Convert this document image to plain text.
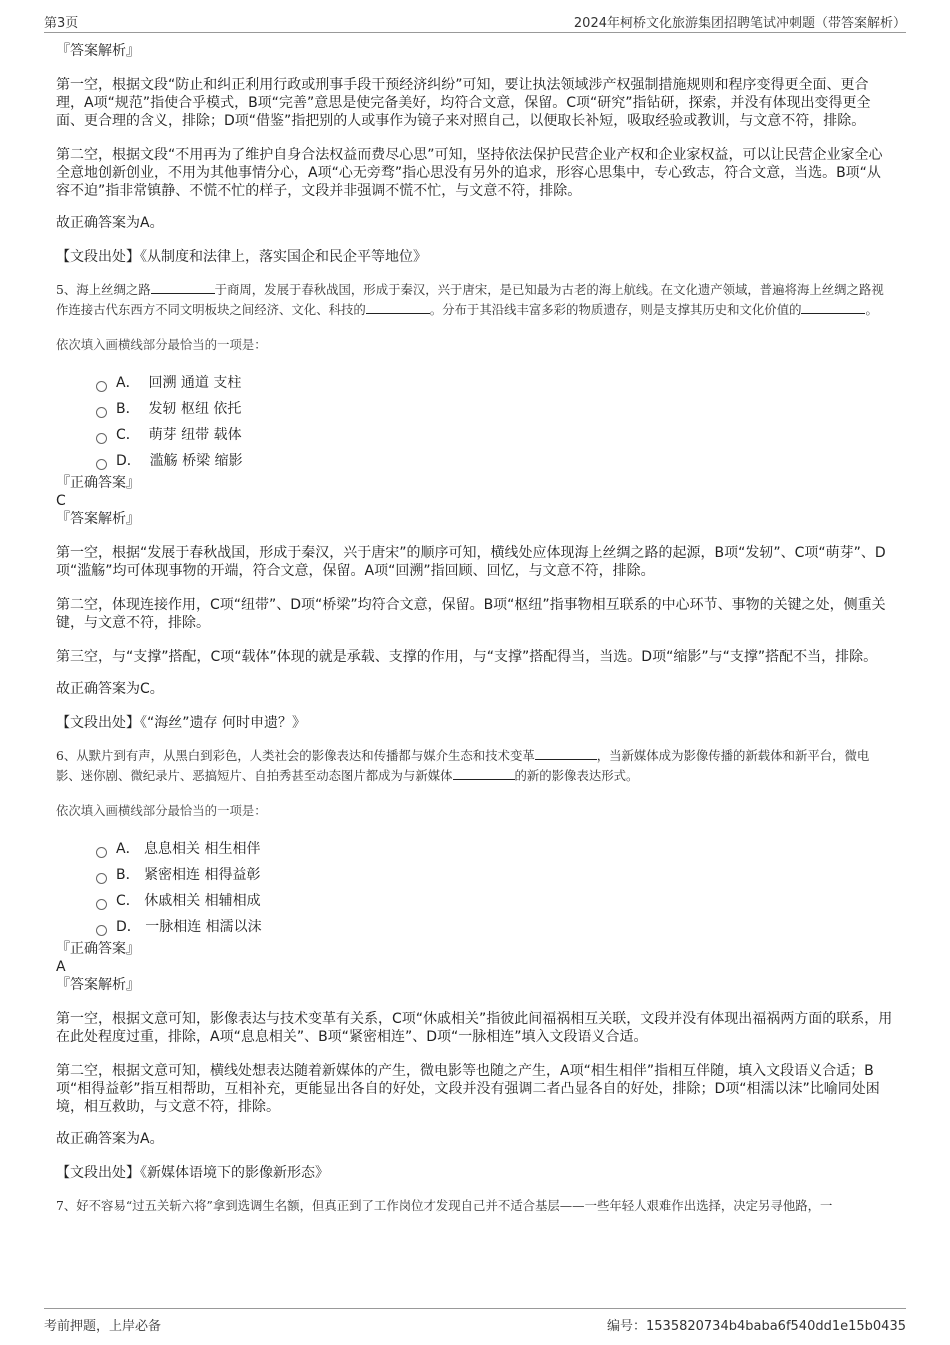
第3页	2024年柯桥文化旅游集团招聘笔试冲刺题（带答案解析）
『答案解析』

第一空，根据文段“防止和纠正利用行政或刑事手段干预经济纠纷”可知，要让执法领域涉产权强制措施规则和程序变得更全面、更合理，A项“规范”指使合乎模式，B项“完善”意思是使完备美好，均符合文意，保留。C项“研究”指钻研，探索，并没有体现出变得更全面、更合理的含义，排除；D项“借鉴”指把别的人或事作为镜子来对照自己，以便取长补短，吸取经验或教训，与文意不符，排除。

第二空，根据文段“不用再为了维护自身合法权益而费尽心思”可知，坚持依法保护民营企业产权和企业家权益，可以让民营企业家全心全意地创新创业，不用为其他事情分心，A项“心无旁骛”指心思没有另外的追求，形容心思集中，专心致志，符合文意，当选。B项“从容不迫”指非常镇静、不慌不忙的样子，文段并非强调不慌不忙，与文意不符，排除。

故正确答案为A。
【文段出处】《从制度和法律上，落实国企和民企平等地位》
5、海上丝绸之路	于商周，发展于春秋战国，形成于秦汉，兴于唐宋，是已知最为古老的海上航线。在文化遗产领域，普遍将海上丝绸之路视作连接古代东西方不同文明板块之间经济、文化、科技的	。分布于其沿线丰富多彩的物质遗存，则是支撑其历史和文化价值的	。
依次填入画横线部分最恰当的一项是：
A．
回溯 通道 支柱
B．
发轫 枢纽 依托
C．
萌芽 纽带 载体
D．
滥觞 桥梁 缩影
『正确答案』
C
『答案解析』

第一空，根据“发展于春秋战国，形成于秦汉，兴于唐宋”的顺序可知，横线处应体现海上丝绸之路的起源，B项“发轫”、C项“萌芽”、D项“滥觞”均可体现事物的开端，符合文意，保留。A项“回溯”指回顾、回忆，与文意不符，排除。

第二空，体现连接作用，C项“纽带”、D项“桥梁”均符合文意，保留。B项“枢纽”指事物相互联系的中心环节、事物的关键之处，侧重关键，与文意不符，排除。

第三空，与“支撑”搭配，C项“载体”体现的就是承载、支撑的作用，与“支撑”搭配得当，当选。D项“缩影”与“支撑”搭配不当，排除。

故正确答案为C。
【文段出处】《“海丝”遗存 何时申遗？》
6、从默片到有声，从黑白到彩色，人类社会的影像表达和传播都与媒介生态和技术变革	，当新媒体成为影像传播的新载体和新平台，微电影、迷你剧、微纪录片、恶搞短片、自拍秀甚至动态图片都成为与新媒体	的新的影像表达形式。
依次填入画横线部分最恰当的一项是：
A．
息息相关 相生相伴
B．
紧密相连 相得益彰
C．
休戚相关 相辅相成
D．
一脉相连 相濡以沫
『正确答案』
A
『答案解析』

第一空，根据文意可知，影像表达与技术变革有关系，C项“休戚相关”指彼此间福祸相互关联，文段并没有体现出福祸两方面的联系，用在此处程度过重，排除，A项“息息相关”、B项“紧密相连”、D项“一脉相连”填入文段语义合适。

第二空，根据文意可知，横线处想表达随着新媒体的产生，微电影等也随之产生，A项“相生相伴”指相互伴随，填入文段语义合适；B项“相得益彰”指互相帮助，互相补充，更能显出各自的好处，文段并没有强调二者凸显各自的好处，排除；D项“相濡以沫”比喻同处困境，相互救助，与文意不符，排除。

故正确答案为A。
【文段出处】《新媒体语境下的影像新形态》
7、好不容易“过五关斩六将”拿到选调生名额，但真正到了工作岗位才发现自己并不适合基层——一些年轻人艰难作出选择，决定另寻他路，一
考前押题，上岸必备	编号：1535820734b4baba6f540dd1e15b0435
